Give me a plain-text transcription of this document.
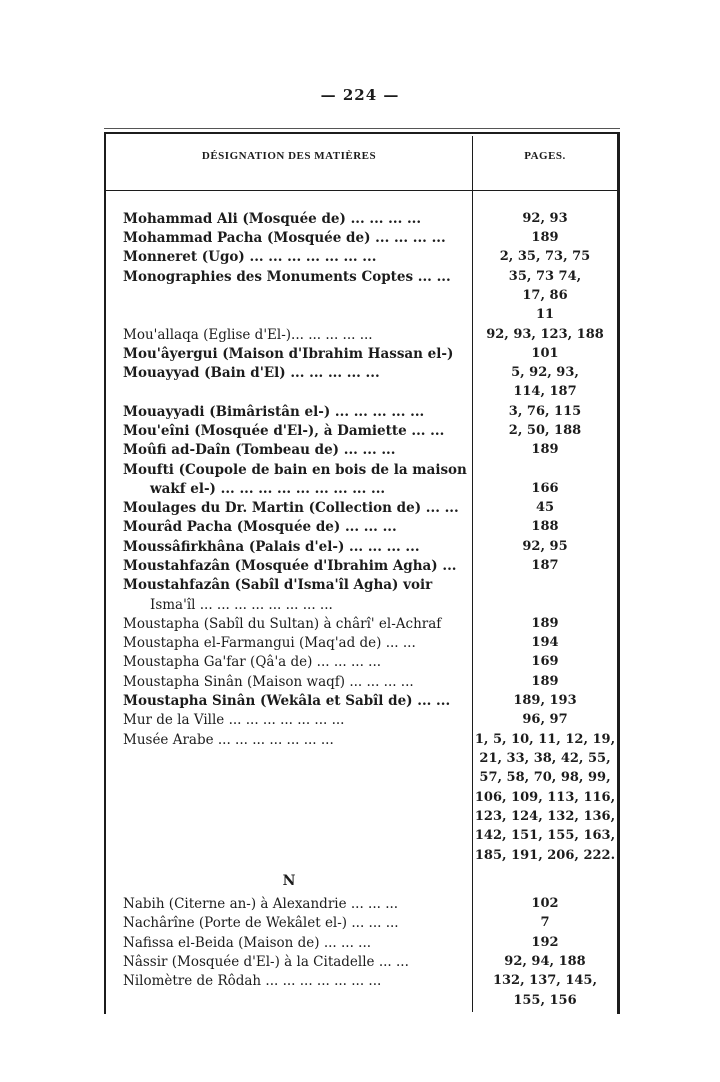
— 224 —
DÉSIGNATION DES MATIÈRES	PAGES.
Mohammad Ali (Mosquée de) ... ... ... ...
Mohammad Pacha (Mosquée de) ... ... ... ...
Monneret (Ugo) ... ... ... ... ... ... ...
Monographies des Monuments Coptes ... ...
Mou'allaqa (Eglise d'El-)... ... ... ... ...
Mou'âyergui (Maison d'Ibrahim Hassan el-)
Mouayyad (Bain d'El) ... ... ... ... ...
Mouayyadi (Bimâristân el-) ... ... ... ... ...
Mou'eîni (Mosquée d'El-), à Damiette ... ...
Moûfi ad-Daîn (Tombeau de) ... ... ...
Moufti (Coupole de bain en bois de la maison
wakf el-) ... ... ... ... ... ... ... ... ...
Moulages du Dr. Martin (Collection de) ... ...
Mourâd Pacha (Mosquée de) ... ... ...
Moussâfirkhâna (Palais d'el-) ... ... ... ...
Moustahfazân (Mosquée d'Ibrahim Agha) ...
Moustahfazân (Sabîl d'Isma'îl Agha) voir
Isma'îl ... ... ... ... ... ... ... ...
Moustapha (Sabîl du Sultan) à chârî' el-Achraf
Moustapha el-Farmangui (Maq'ad de) ... ...
Moustapha Ga'far (Qâ'a de) ... ... ... ...
Moustapha Sinân (Maison waqf) ... ... ... ...
Moustapha Sinân (Wekâla et Sabîl de) ... ...
Mur de la Ville ... ... ... ... ... ... ...
Musée Arabe ... ... ... ... ... ... ...
92, 93
189
2, 35, 73, 75
35, 73 74,
17, 86
11
92, 93, 123, 188
101
5, 92, 93,
114, 187
3, 76, 115
2, 50, 188
189
166
45
188
92, 95
187
189
194
169
189
189, 193
96, 97
1, 5, 10, 11, 12, 19,
21, 33, 38, 42, 55,
57, 58, 70, 98, 99,
106, 109, 113, 116,
123, 124, 132, 136,
142, 151, 155, 163,
185, 191, 206, 222.
N
Nabih (Citerne an-) à Alexandrie ... ... ...
Nachârîne (Porte de Wekâlet el-) ... ... ...
Nafissa el-Beida (Maison de) ... ... ...
Nâssir (Mosquée d'El-) à la Citadelle ... ...
Nilomètre de Rôdah ... ... ... ... ... ... ...
102
7
192
92, 94, 188
132, 137, 145,
155, 156
